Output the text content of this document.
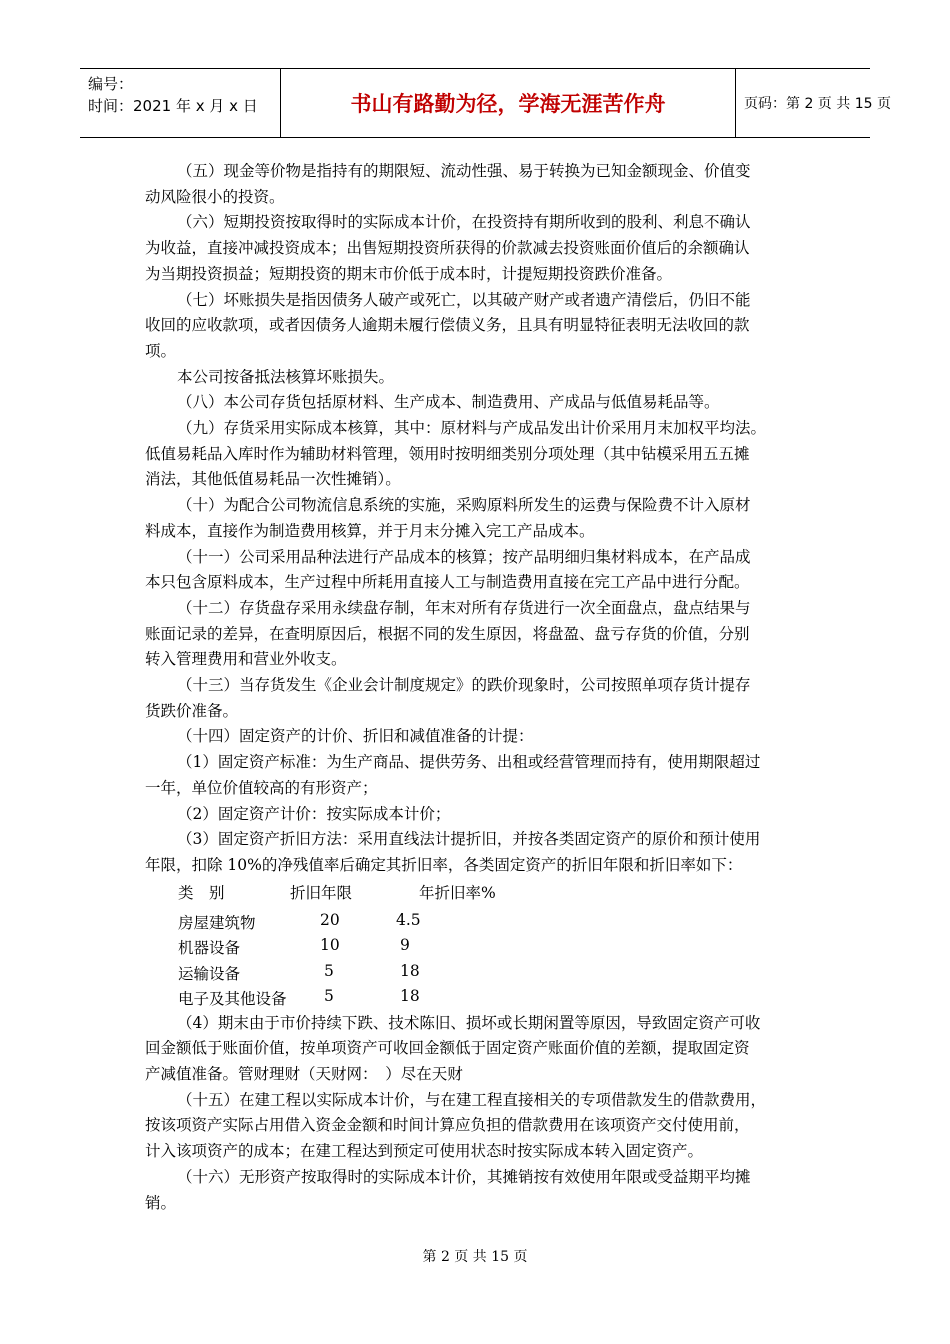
编号：
时间：2021 年 x 月 x 日	书山有路勤为径，学海无涯苦作舟	页码：第 2 页 共 15 页
（五）现金等价物是指持有的期限短、流动性强、易于转换为已知金额现金、价值变
动风险很小的投资。
（六）短期投资按取得时的实际成本计价，在投资持有期所收到的股利、利息不确认
为收益，直接冲减投资成本；出售短期投资所获得的价款减去投资账面价值后的余额确认
为当期投资损益；短期投资的期末市价低于成本时，计提短期投资跌价准备。
（七）坏账损失是指因债务人破产或死亡，以其破产财产或者遗产清偿后，仍旧不能
收回的应收款项，或者因债务人逾期未履行偿债义务，且具有明显特征表明无法收回的款
项。
本公司按备抵法核算坏账损失。
（八）本公司存货包括原材料、生产成本、制造费用、产成品与低值易耗品等。
（九）存货采用实际成本核算，其中：原材料与产成品发出计价采用月末加权平均法。
低值易耗品入库时作为辅助材料管理，领用时按明细类别分项处理（其中钻模采用五五摊
消法，其他低值易耗品一次性摊销）。
（十）为配合公司物流信息系统的实施，采购原料所发生的运费与保险费不计入原材
料成本，直接作为制造费用核算，并于月末分摊入完工产品成本。
（十一）公司采用品种法进行产品成本的核算；按产品明细归集材料成本，在产品成
本只包含原料成本，生产过程中所耗用直接人工与制造费用直接在完工产品中进行分配。
（十二）存货盘存采用永续盘存制，年末对所有存货进行一次全面盘点，盘点结果与
账面记录的差异，在查明原因后，根据不同的发生原因，将盘盈、盘亏存货的价值，分别
转入管理费用和营业外收支。
（十三）当存货发生《企业会计制度规定》的跌价现象时，公司按照单项存货计提存
货跌价准备。
（十四）固定资产的计价、折旧和减值准备的计提：
（1）固定资产标准：为生产商品、提供劳务、出租或经营管理而持有，使用期限超过
一年，单位价值较高的有形资产；
（2）固定资产计价：按实际成本计价；
（3）固定资产折旧方法：采用直线法计提折旧，并按各类固定资产的原价和预计使用
年限，扣除 10%的净残值率后确定其折旧率，各类固定资产的折旧年限和折旧率如下：
类　别	折旧年限	年折旧率%
房屋建筑物	20	4.5
机器设备	10	9
运输设备	5	18
电子及其他设备 5	18
（4）期末由于市价持续下跌、技术陈旧、损坏或长期闲置等原因，导致固定资产可收
回金额低于账面价值，按单项资产可收回金额低于固定资产账面价值的差额，提取固定资
产减值准备。管财理财（天财网：　）尽在天财
（十五）在建工程以实际成本计价，与在建工程直接相关的专项借款发生的借款费用，
按该项资产实际占用借入资金金额和时间计算应负担的借款费用在该项资产交付使用前，
计入该项资产的成本；在建工程达到预定可使用状态时按实际成本转入固定资产。
（十六）无形资产按取得时的实际成本计价，其摊销按有效使用年限或受益期平均摊
销。
第 2 页 共 15 页
